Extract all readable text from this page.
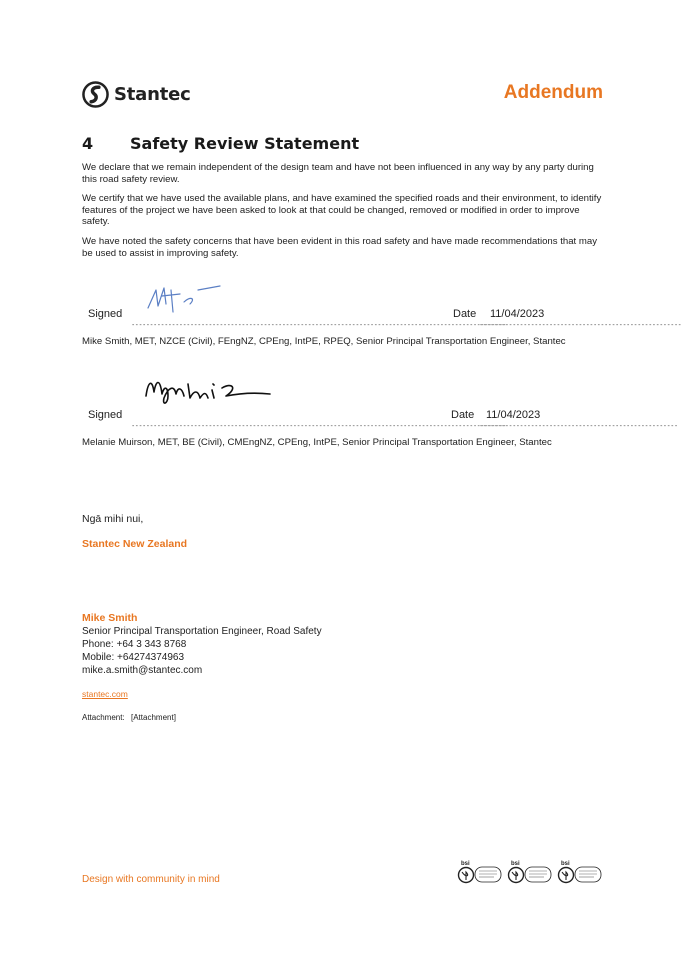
Stantec	Addendum
4 Safety Review Statement
We declare that we remain independent of the design team and have not been influenced in any way by any party during this road safety review.
We certify that we have used the available plans, and have examined the specified roads and their environment, to identify features of the project we have been asked to look at that could be changed, removed or modified in order to improve safety.
We have noted the safety concerns that have been evident in this road safety and have made recommendations that may be used to assist in improving safety.
Signed
- - - - - - - - - - - - - - - - - - - - - - - - - - - - - - - - - - - - - - - - - - - - - - - - - - - - - - - - - - - - - - - - - - - - - - - - - - - - - - - - - - - - - - - - - - - - - - - - - - - - - -
Date 11/04/2023
- - - - - - - - - - - - - - - - - - - - - - - - - - - - - - - - - - - - - - - - - - - - - - - - - - - - - - -
Mike Smith, MET, NZCE (Civil), FEngNZ, CPEng, IntPE, RPEQ, Senior Principal Transportation Engineer, Stantec
Signed
- - - - - - - - - - - - - - - - - - - - - - - - - - - - - - - - - - - - - - - - - - - - - - - - - - - - - - - - - - - - - - - - - - - - - - - - - - - - - - - - - - - - - - - - - - - - - - - - - - - - - -
Date 11/04/2023
- - - - - - - - - - - - - - - - - - - - - - - - - - - - - - - - - - - - - - - - - - - - - - - - - - - - - -
Melanie Muirson, MET, BE (Civil), CMEngNZ, CPEng, IntPE, Senior Principal Transportation Engineer, Stantec
Ngā mihi nui,
Stantec New Zealand
Mike Smith
Senior Principal Transportation Engineer, Road Safety
Phone: +64 3 343 8768
Mobile: +64274374963
mike.a.smith@stantec.com
stantec.com
Attachment: [Attachment]
Design with community in mind
bsi	bsi	bsi
